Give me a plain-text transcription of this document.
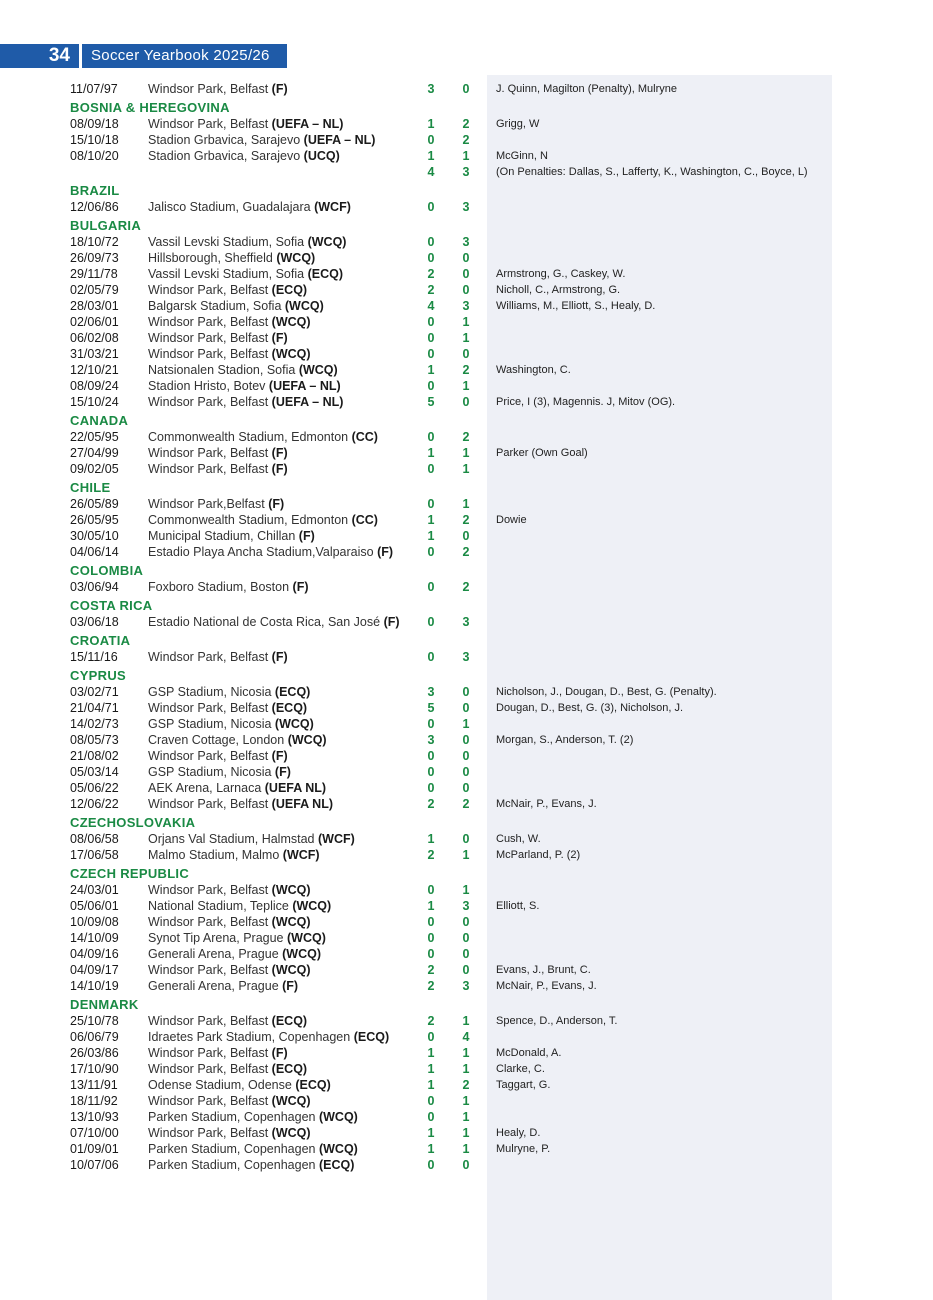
34	Soccer Yearbook 2025/26
11/07/97 Windsor Park, Belfast (F)	3	0	J. Quinn, Magilton (Penalty), Mulryne
BOSNIA & HEREGOVINA
08/09/18 Windsor Park, Belfast (UEFA – NL)	1	2	Grigg, W
15/10/18 Stadion Grbavica, Sarajevo (UEFA – NL)	0	2
08/10/20 Stadion Grbavica, Sarajevo (UCQ)	1	1	McGinn, N
4	3	(On Penalties: Dallas, S., Lafferty, K., Washington, C., Boyce, L)
BRAZIL
12/06/86 Jalisco Stadium, Guadalajara (WCF)	0	3
BULGARIA
18/10/72 Vassil Levski Stadium, Sofia (WCQ)	0	3
26/09/73 Hillsborough, Sheffield (WCQ)	0	0
29/11/78 Vassil Levski Stadium, Sofia (ECQ)	2	0	Armstrong, G., Caskey, W.
02/05/79 Windsor Park, Belfast (ECQ)	2	0	Nicholl, C., Armstrong, G.
28/03/01 Balgarsk Stadium, Sofia (WCQ)	4	3	Williams, M., Elliott, S., Healy, D.
02/06/01 Windsor Park, Belfast (WCQ)	0	1
06/02/08 Windsor Park, Belfast (F)	0	1
31/03/21 Windsor Park, Belfast (WCQ)	0	0
12/10/21 Natsionalen Stadion, Sofia (WCQ)	1	2	Washington, C.
08/09/24 Stadion Hristo, Botev (UEFA – NL)	0	1
15/10/24 Windsor Park, Belfast (UEFA – NL)	5	0	Price, I (3), Magennis. J, Mitov (OG).
CANADA
22/05/95 Commonwealth Stadium, Edmonton (CC)	0	2
27/04/99 Windsor Park, Belfast (F)	1	1	Parker (Own Goal)
09/02/05 Windsor Park, Belfast (F)	0	1
CHILE
26/05/89 Windsor Park,Belfast (F)	0	1
26/05/95 Commonwealth Stadium, Edmonton (CC)	1	2	Dowie
30/05/10 Municipal Stadium, Chillan (F)	1	0
04/06/14 Estadio Playa Ancha Stadium,Valparaiso (F)	0	2
COLOMBIA
03/06/94 Foxboro Stadium, Boston (F)	0	2
COSTA RICA
03/06/18 Estadio National de Costa Rica, San José (F)	0	3
CROATIA
15/11/16 Windsor Park, Belfast (F)	0	3
CYPRUS
03/02/71 GSP Stadium, Nicosia (ECQ)	3	0	Nicholson, J., Dougan, D., Best, G. (Penalty).
21/04/71 Windsor Park, Belfast (ECQ)	5	0	Dougan, D., Best, G. (3), Nicholson, J.
14/02/73 GSP Stadium, Nicosia (WCQ)	0	1
08/05/73 Craven Cottage, London (WCQ)	3	0	Morgan, S., Anderson, T. (2)
21/08/02 Windsor Park, Belfast (F)	0	0
05/03/14 GSP Stadium, Nicosia (F)	0	0
05/06/22 AEK Arena, Larnaca (UEFA NL)	0	0
12/06/22 Windsor Park, Belfast (UEFA NL)	2	2	McNair, P., Evans, J.
CZECHOSLOVAKIA
08/06/58 Orjans Val Stadium, Halmstad (WCF)	1	0	Cush, W.
17/06/58 Malmo Stadium, Malmo (WCF)	2	1	McParland, P. (2)
CZECH REPUBLIC
24/03/01 Windsor Park, Belfast (WCQ)	0	1
05/06/01 National Stadium, Teplice (WCQ)	1	3	Elliott, S.
10/09/08 Windsor Park, Belfast (WCQ)	0	0
14/10/09 Synot Tip Arena, Prague (WCQ)	0	0
04/09/16 Generali Arena, Prague (WCQ)	0	0
04/09/17 Windsor Park, Belfast (WCQ)	2	0	Evans, J., Brunt, C.
14/10/19 Generali Arena, Prague (F)	2	3	McNair, P., Evans, J.
DENMARK
25/10/78 Windsor Park, Belfast (ECQ)	2	1	Spence, D., Anderson, T.
06/06/79 Idraetes Park Stadium, Copenhagen (ECQ)	0	4
26/03/86 Windsor Park, Belfast (F)	1	1	McDonald, A.
17/10/90 Windsor Park, Belfast (ECQ)	1	1	Clarke, C.
13/11/91 Odense Stadium, Odense (ECQ)	1	2	Taggart, G.
18/11/92 Windsor Park, Belfast (WCQ)	0	1
13/10/93 Parken Stadium, Copenhagen (WCQ)	0	1
07/10/00 Windsor Park, Belfast (WCQ)	1	1	Healy, D.
01/09/01 Parken Stadium, Copenhagen (WCQ)	1	1	Mulryne, P.
10/07/06 Parken Stadium, Copenhagen (ECQ)	0	0
